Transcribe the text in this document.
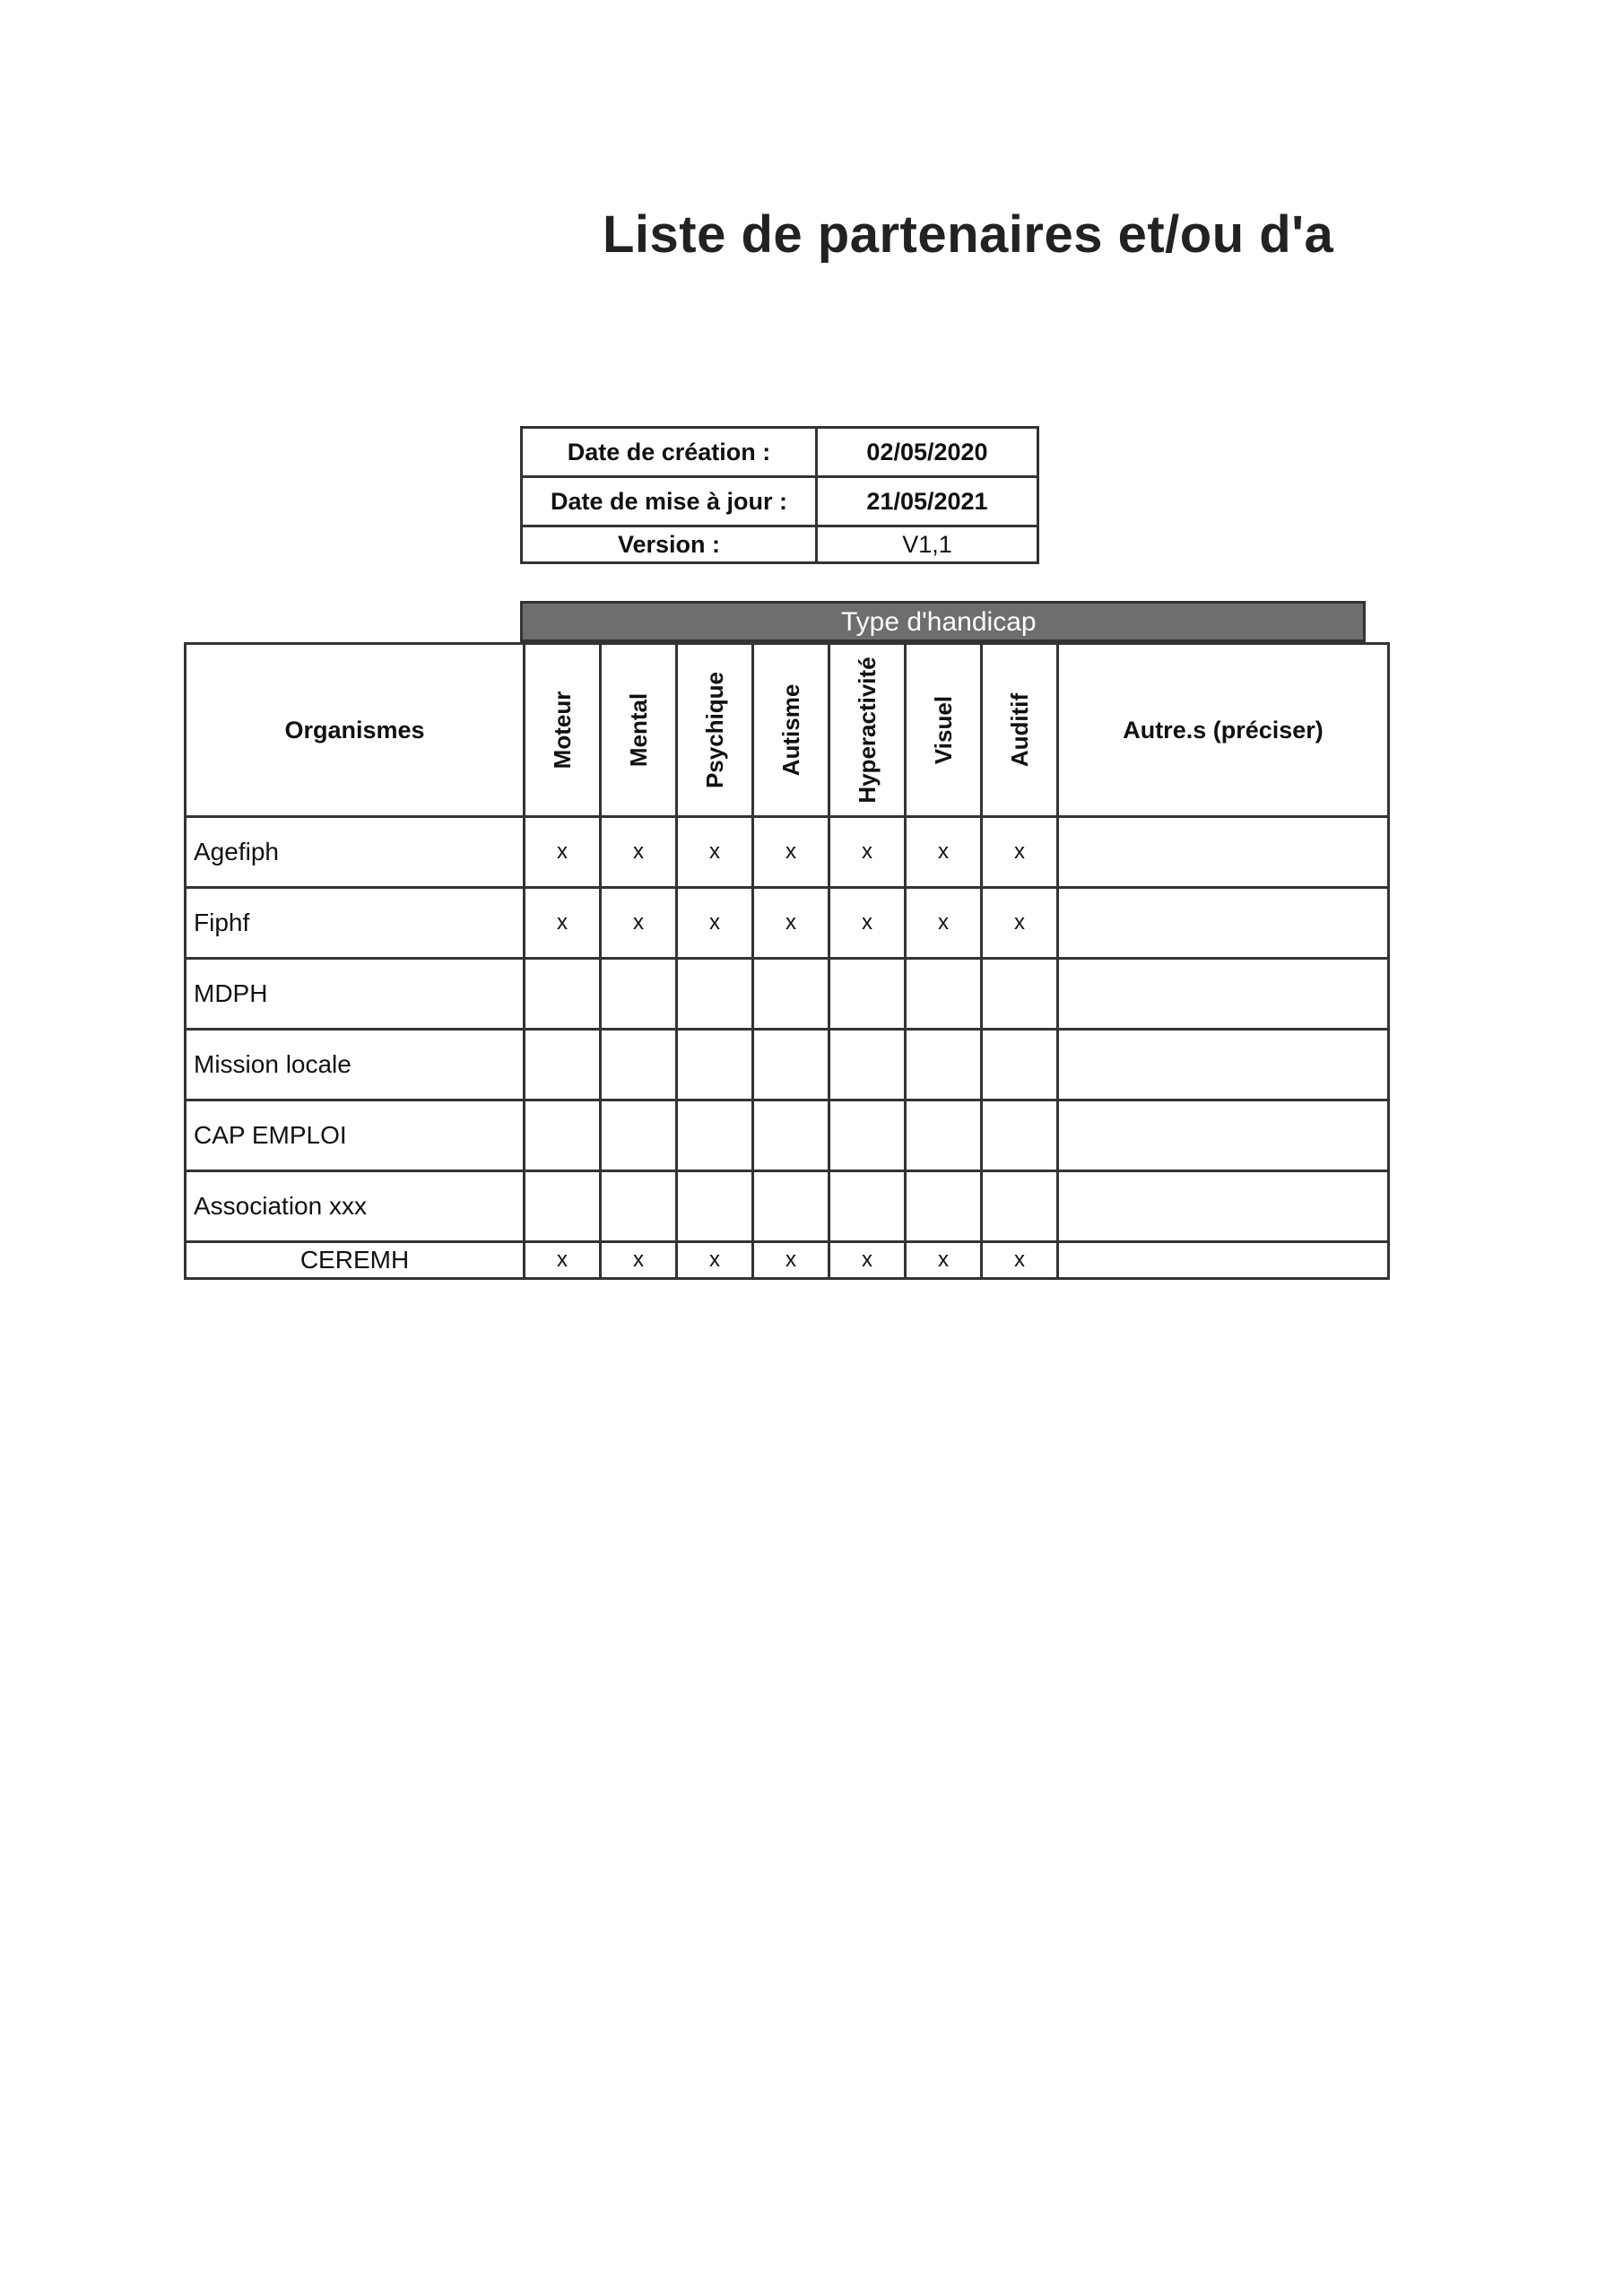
Liste de partenaires et/ou d'a
Date de création :	02/05/2020
Date de mise à jour :	21/05/2021
Version :	V1,1
Type d'handicap
Organismes	Moteur	Mental	Psychique	Autisme	Hyperactivité	Visuel	Auditif	Autre.s (préciser)
Agefiph	x	x	x	x	x	x	x	
Fiphf	x	x	x	x	x	x	x	
MDPH								
Mission locale								
CAP EMPLOI								
Association xxx								
CEREMH	x	x	x	x	x	x	x	
